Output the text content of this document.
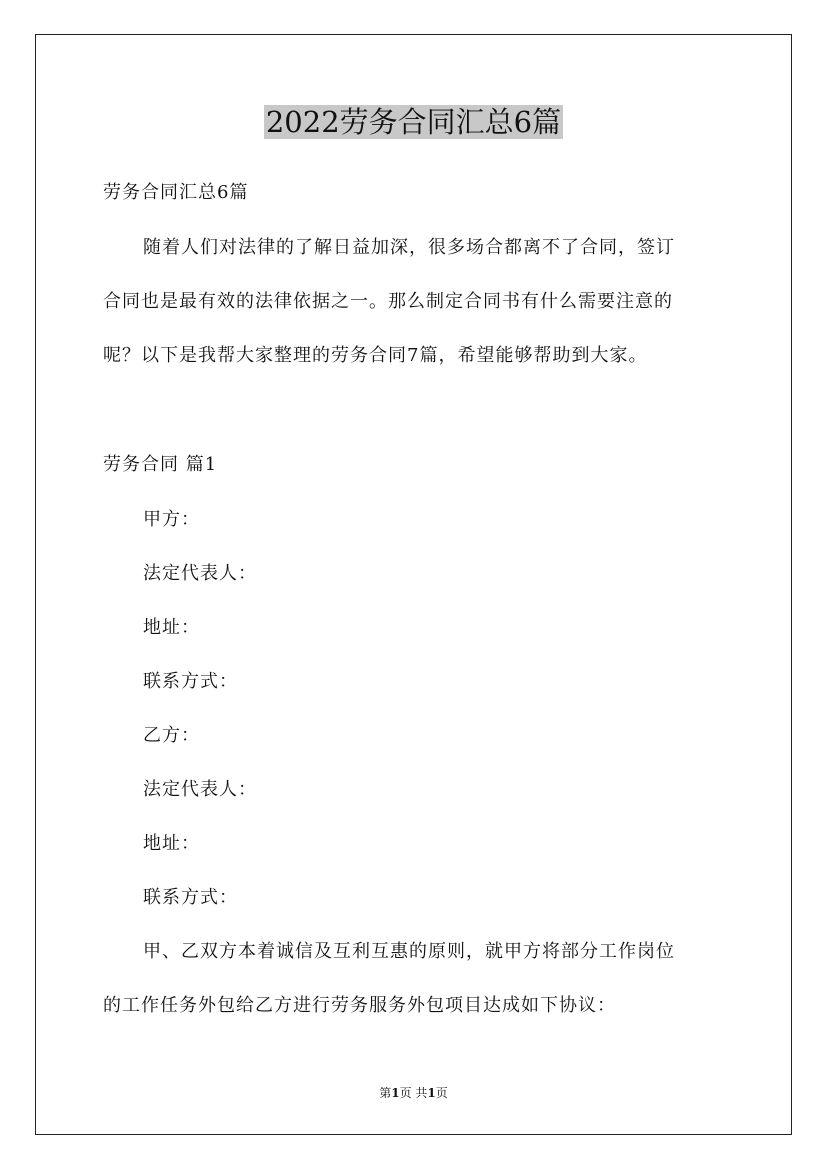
2022劳务合同汇总6篇
劳务合同汇总6篇
随着人们对法律的了解日益加深，很多场合都离不了合同，签订
合同也是最有效的法律依据之一。那么制定合同书有什么需要注意的
呢？以下是我帮大家整理的劳务合同7篇，希望能够帮助到大家。
劳务合同 篇1
甲方：
法定代表人：
地址：
联系方式：
乙方：
法定代表人：
地址：
联系方式：
甲、乙双方本着诚信及互利互惠的原则，就甲方将部分工作岗位
的工作任务外包给乙方进行劳务服务外包项目达成如下协议：
第1页 共1页
